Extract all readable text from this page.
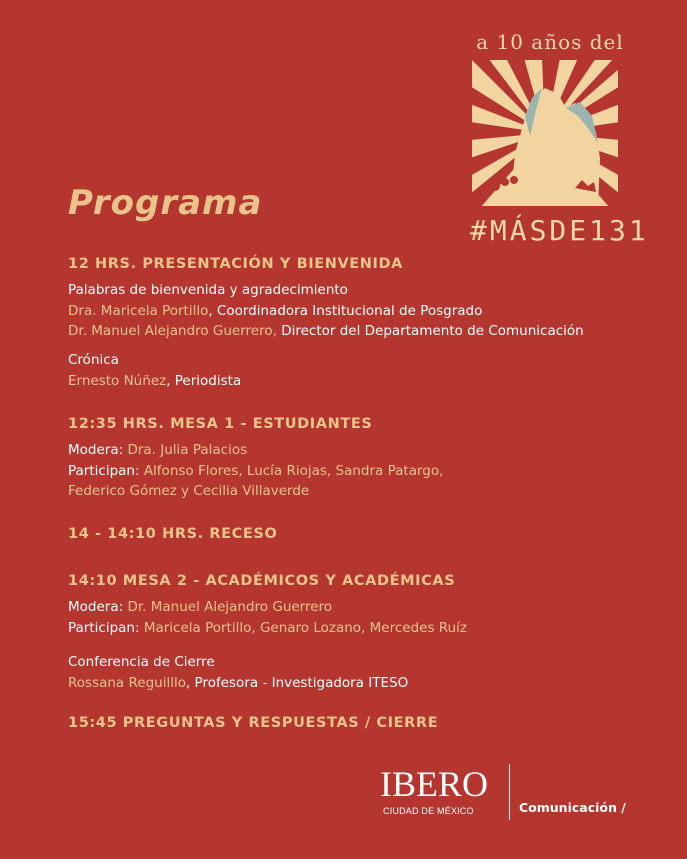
a 10 años del
#MÁSDE131
Programa

12 HRS. PRESENTACIÓN Y BIENVENIDA

Palabras de bienvenida y agradecimiento

Dra. Maricela Portillo, Coordinadora Institucional de Posgrado

Dr. Manuel Alejandro Guerrero, Director del Departamento de Comunicación

Crónica

Ernesto Núñez, Periodista

12:35 HRS. MESA 1 - ESTUDIANTES

Modera: Dra. Julia Palacios

Participan: Alfonso Flores, Lucía Riojas, Sandra Patargo,

Federico Gómez y Cecilia Villaverde

14 - 14:10 HRS. RECESO

14:10 MESA 2 - ACADÉMICOS Y ACADÉMICAS

Modera: Dr. Manuel Alejandro Guerrero

Participan: Maricela Portillo, Genaro Lozano, Mercedes Ruíz

Conferencia de Cierre

Rossana Reguilllo, Profesora - Investigadora ITESO

15:45 PREGUNTAS Y RESPUESTAS / CIERRE

IBERO
CIUDAD DE MÉXICO	Comunicación /
